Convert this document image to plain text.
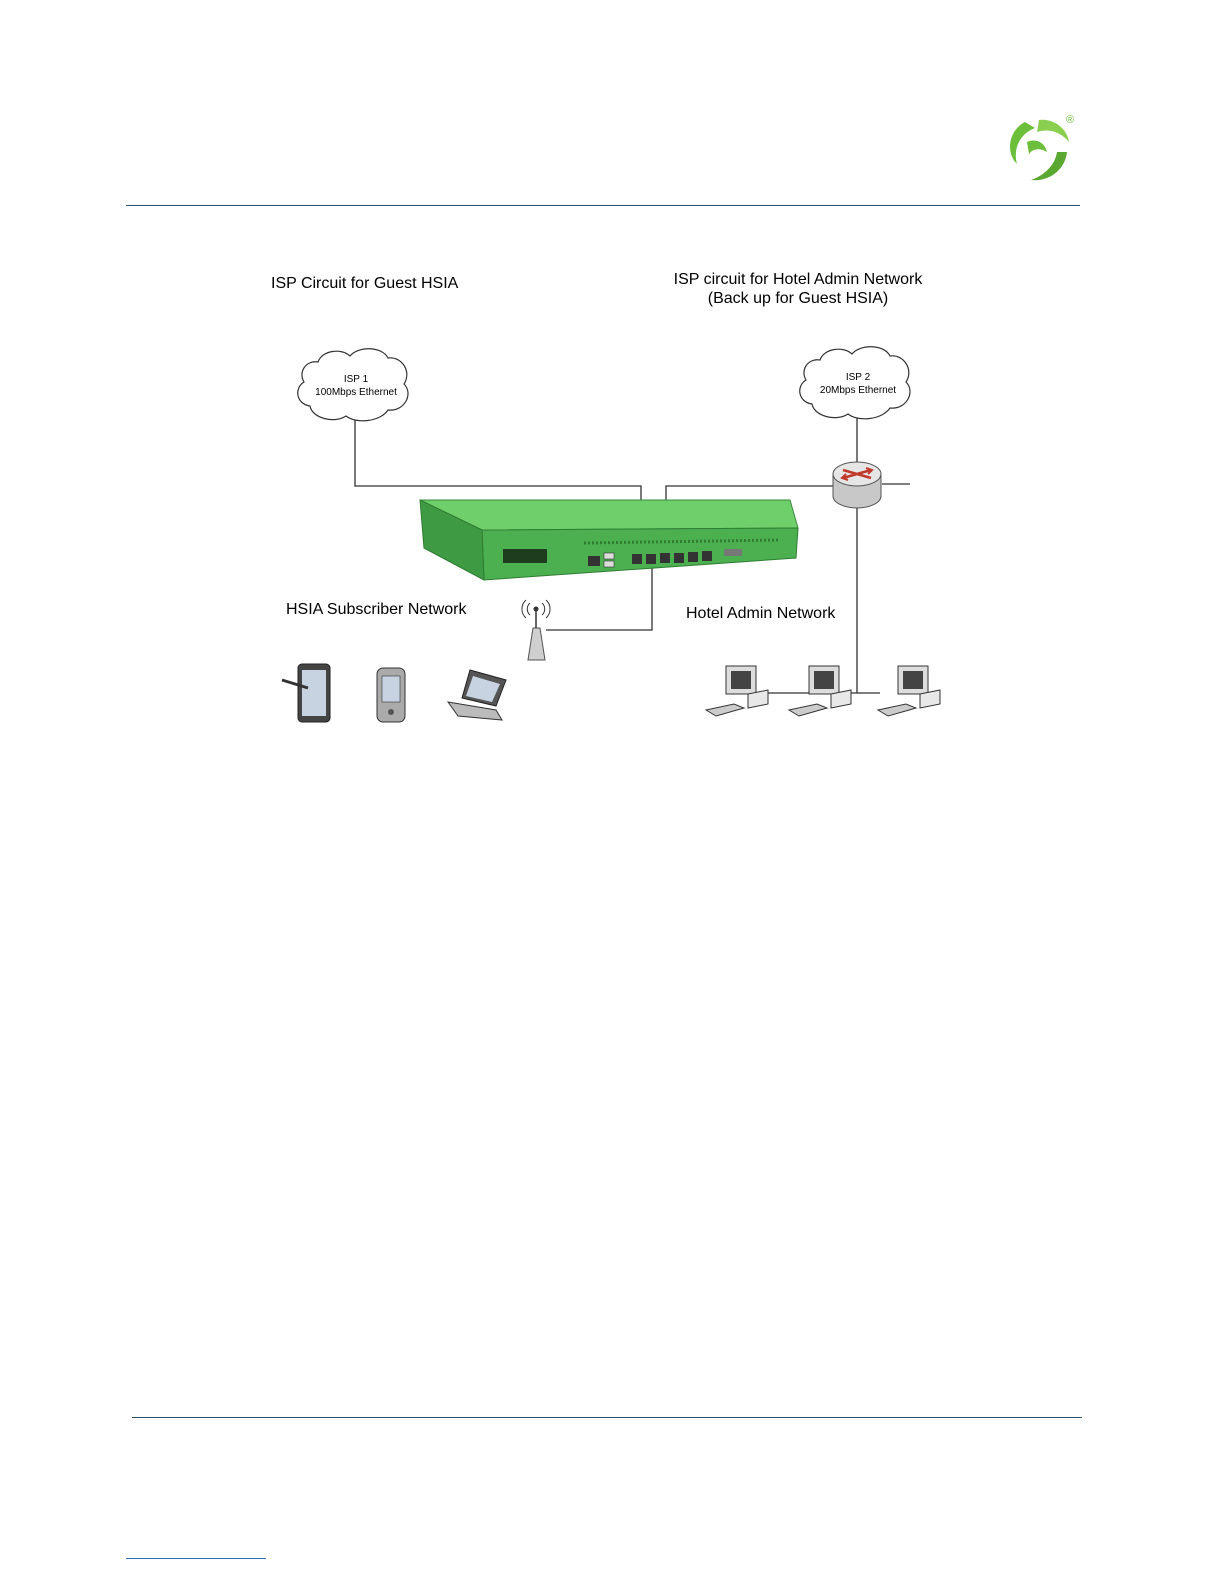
®
ISP Circuit for Guest HSIA	ISP circuit for Hotel Admin Network
(Back up for Guest HSIA)
ISP 1
100Mbps Ethernet
ISP 2
20Mbps Ethernet
HSIA Subscriber Network	Hotel Admin Network
